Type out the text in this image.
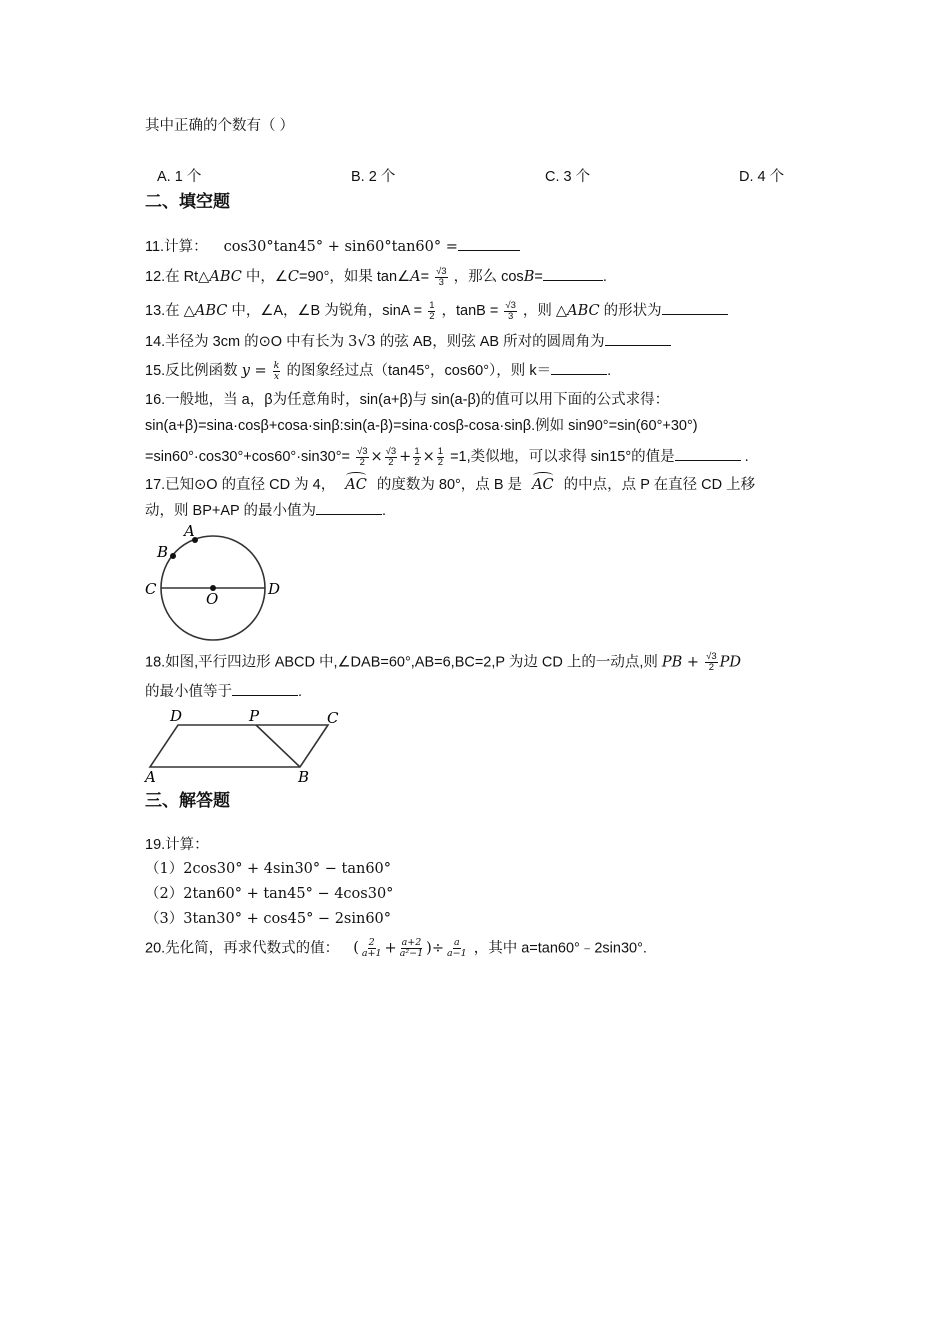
其中正确的个数有（ ）
A. 1 个	B. 2 个	C. 3 个	D. 4 个
二、填空题
11.计算： cos30°tan45° + sin60°tan60° =
12.在 Rt△ABC 中，∠C=90°，如果 tan∠A= $\frac{√3}{3}$ ，那么 cosB=	.
13.在 △ABC 中，∠A，∠B 为锐角，$\sin A = \frac{1}{2}$ ，$\tan B = \frac{√3}{3}$ ，则 △ABC 的形状为
14.半径为 3cm 的⊙O 中有长为 3√3 的弦 AB，则弦 AB 所对的圆周角为
15.反比例函数 $y = \frac{k}{x}$ 的图象经过点（tan45°，cos60°），则 k＝	.
16.一般地，当 a，β为任意角时，sin(a+β)与 sin(a-β)的值可以用下面的公式求得：
sin(a+β)=sina·cosβ+cosa·sinβ:sin(a-β)=sina·cosβ-cosa·sinβ.例如 sin90°=sin(60°+30°)
$=\sin 60^\circ\cdot\cos 30^\circ+\cos 60^\circ\cdot\sin 30^\circ= \frac{√3}{2} \times \frac{√3}{2} + \frac{1}{2} \times \frac{1}{2} =1$,类似地，可以求得 sin15°的值是	.
17.已知⊙O 的直径 CD 为 4， AC 的度数为 80°，点 B 是 AC 的中点，点 P 在直径 CD 上移
动，则 BP+AP 的最小值为	.
A
B
C	D
O
18.如图,平行四边形 ABCD 中,∠DAB=60°,AB=6,BC=2,P 为边 CD 上的一动点,则 PB + $\frac{√3}{2}$ PD
的最小值等于	.
D	P	C
A	B
三、解答题
19.计算：
（1）2cos30° + 4sin30° − tan60°
（2）2tan60° + tan45° − 4cos30°
（3）3tan30° + cos45° − 2sin60°
20.先化简，再求代数式的值： ( $\frac{2}{a+1} + \frac{a+2}{\text{a²−1}}$ )÷ $\frac{a}{a-1}$ ，其中 a=tan60°﹣2sin30°.
